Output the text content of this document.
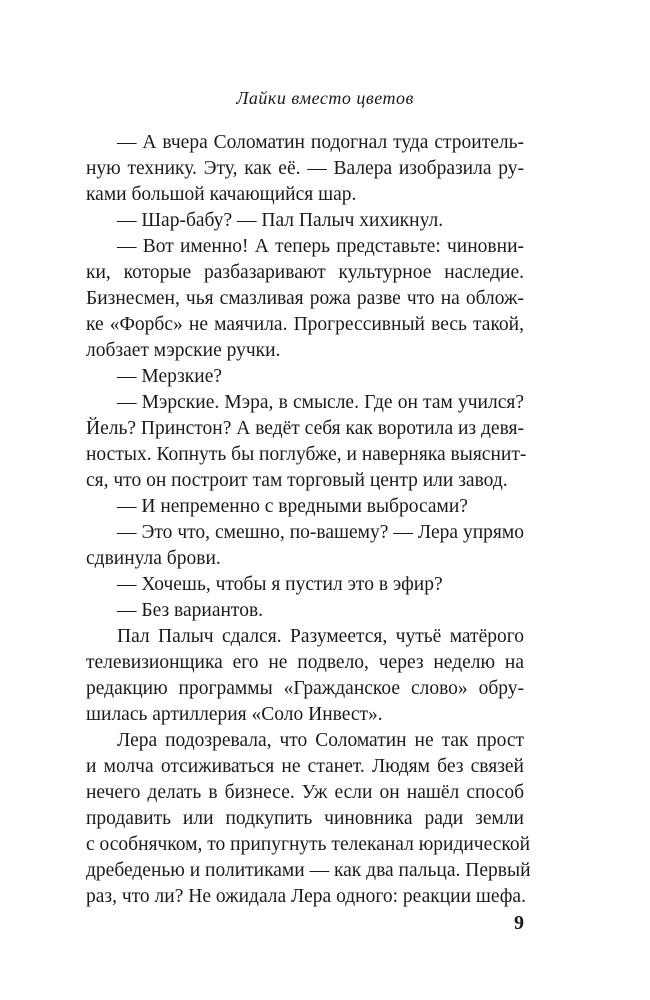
Лайки вместо цветов
— А вчера Соломатин подогнал туда строитель-
ную технику. Эту, как её. — Валера изобразила ру-
ками большой качающийся шар.
— Шар-бабу? — Пал Палыч хихикнул.
— Вот именно! А теперь представьте: чиновни-
ки, которые разбазаривают культурное наследие.
Бизнесмен, чья смазливая рожа разве что на облож-
ке «Форбс» не маячила. Прогрессивный весь такой,
лобзает мэрские ручки.
— Мерзкие?
— Мэрские. Мэра, в смысле. Где он там учился?
Йель? Принстон? А ведёт себя как воротила из девя-
ностых. Копнуть бы поглубже, и наверняка выяснит-
ся, что он построит там торговый центр или завод.
— И непременно с вредными выбросами?
— Это что, смешно, по-вашему? — Лера упрямо
сдвинула брови.
— Хочешь, чтобы я пустил это в эфир?
— Без вариантов.
Пал Палыч сдался. Разумеется, чутьё матёрого
телевизионщика его не подвело, через неделю на
редакцию программы «Гражданское слово» обру-
шилась артиллерия «Соло Инвест».
Лера подозревала, что Соломатин не так прост
и молча отсиживаться не станет. Людям без связей
нечего делать в бизнесе. Уж если он нашёл способ
продавить или подкупить чиновника ради земли
с особнячком, то припугнуть телеканал юридической
дребеденью и политиками — как два пальца. Первый
раз, что ли? Не ожидала Лера одного: реакции шефа.
9
